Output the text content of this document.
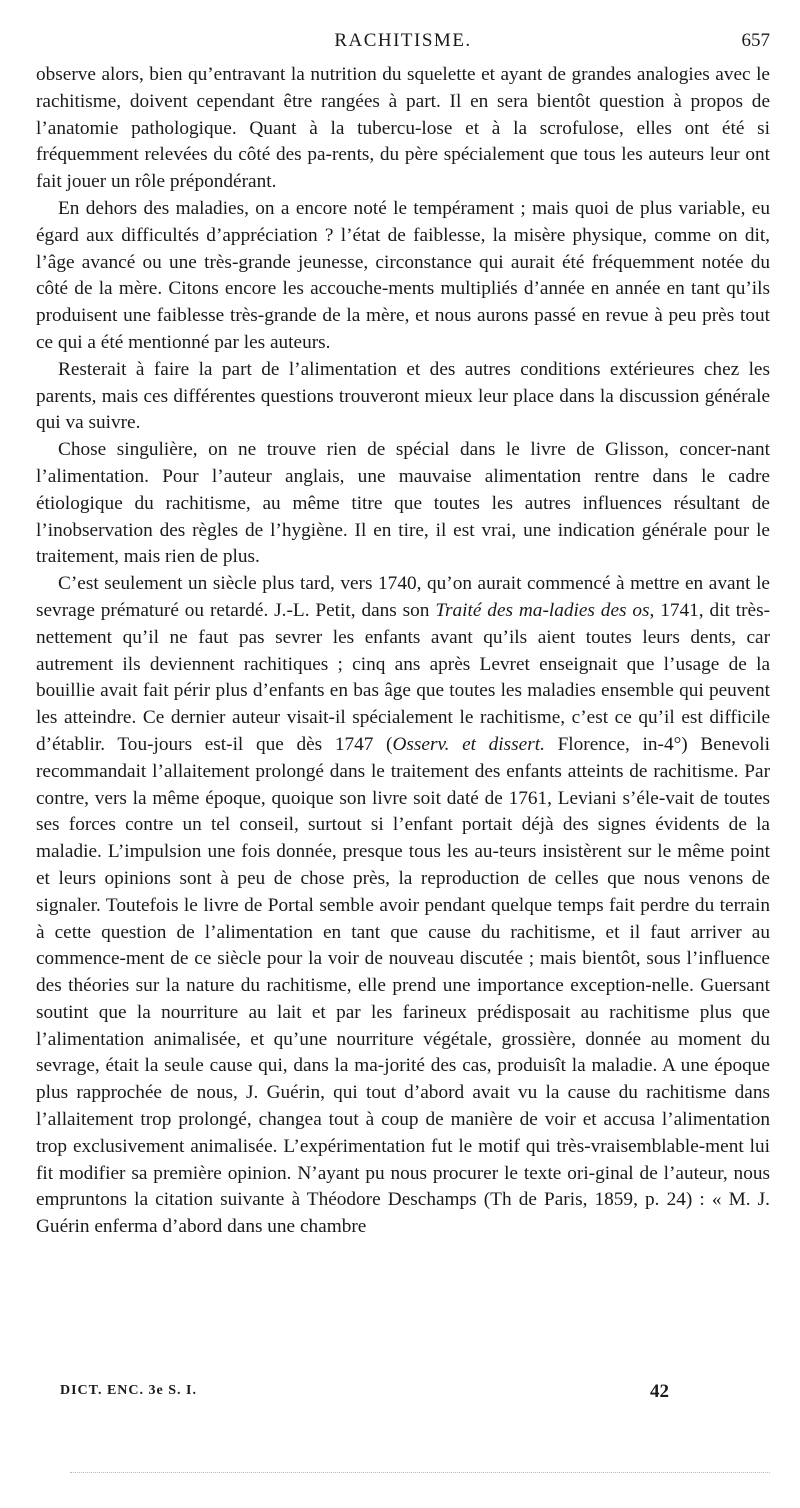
RACHITISME.	657

observe alors, bien qu’entravant la nutrition du squelette et ayant de grandes analogies avec le rachitisme, doivent cependant être rangées à part. Il en sera bientôt question à propos de l’anatomie pathologique. Quant à la tubercu-lose et à la scrofulose, elles ont été si fréquemment relevées du côté des pa-rents, du père spécialement que tous les auteurs leur ont fait jouer un rôle prépondérant.

En dehors des maladies, on a encore noté le tempérament ; mais quoi de plus variable, eu égard aux difficultés d’appréciation ? l’état de faiblesse, la misère physique, comme on dit, l’âge avancé ou une très-grande jeunesse, circonstance qui aurait été fréquemment notée du côté de la mère. Citons encore les accouche-ments multipliés d’année en année en tant qu’ils produisent une faiblesse très-grande de la mère, et nous aurons passé en revue à peu près tout ce qui a été mentionné par les auteurs.

Resterait à faire la part de l’alimentation et des autres conditions extérieures chez les parents, mais ces différentes questions trouveront mieux leur place dans la discussion générale qui va suivre.

Chose singulière, on ne trouve rien de spécial dans le livre de Glisson, concer-nant l’alimentation. Pour l’auteur anglais, une mauvaise alimentation rentre dans le cadre étiologique du rachitisme, au même titre que toutes les autres influences résultant de l’inobservation des règles de l’hygiène. Il en tire, il est vrai, une indication générale pour le traitement, mais rien de plus.

C’est seulement un siècle plus tard, vers 1740, qu’on aurait commencé à mettre en avant le sevrage prématuré ou retardé. J.-L. Petit, dans son Traité des ma-ladies des os, 1741, dit très-nettement qu’il ne faut pas sevrer les enfants avant qu’ils aient toutes leurs dents, car autrement ils deviennent rachitiques ; cinq ans après Levret enseignait que l’usage de la bouillie avait fait périr plus d’enfants en bas âge que toutes les maladies ensemble qui peuvent les atteindre. Ce dernier auteur visait-il spécialement le rachitisme, c’est ce qu’il est difficile d’établir. Tou-jours est-il que dès 1747 (Osserv. et dissert. Florence, in-4°) Benevoli recommandait l’allaitement prolongé dans le traitement des enfants atteints de rachitisme. Par contre, vers la même époque, quoique son livre soit daté de 1761, Leviani s’éle-vait de toutes ses forces contre un tel conseil, surtout si l’enfant portait déjà des signes évidents de la maladie. L’impulsion une fois donnée, presque tous les au-teurs insistèrent sur le même point et leurs opinions sont à peu de chose près, la reproduction de celles que nous venons de signaler. Toutefois le livre de Portal semble avoir pendant quelque temps fait perdre du terrain à cette question de l’alimentation en tant que cause du rachitisme, et il faut arriver au commence-ment de ce siècle pour la voir de nouveau discutée ; mais bientôt, sous l’influence des théories sur la nature du rachitisme, elle prend une importance exception-nelle. Guersant soutint que la nourriture au lait et par les farineux prédisposait au rachitisme plus que l’alimentation animalisée, et qu’une nourriture végétale, grossière, donnée au moment du sevrage, était la seule cause qui, dans la ma-jorité des cas, produisît la maladie. A une époque plus rapprochée de nous, J. Guérin, qui tout d’abord avait vu la cause du rachitisme dans l’allaitement trop prolongé, changea tout à coup de manière de voir et accusa l’alimentation trop exclusivement animalisée. L’expérimentation fut le motif qui très-vraisemblable-ment lui fit modifier sa première opinion. N’ayant pu nous procurer le texte ori-ginal de l’auteur, nous empruntons la citation suivante à Théodore Deschamps (Th de Paris, 1859, p. 24) : « M. J. Guérin enferma d’abord dans une chambre

DICT. ENC. 3e S. I.	42
